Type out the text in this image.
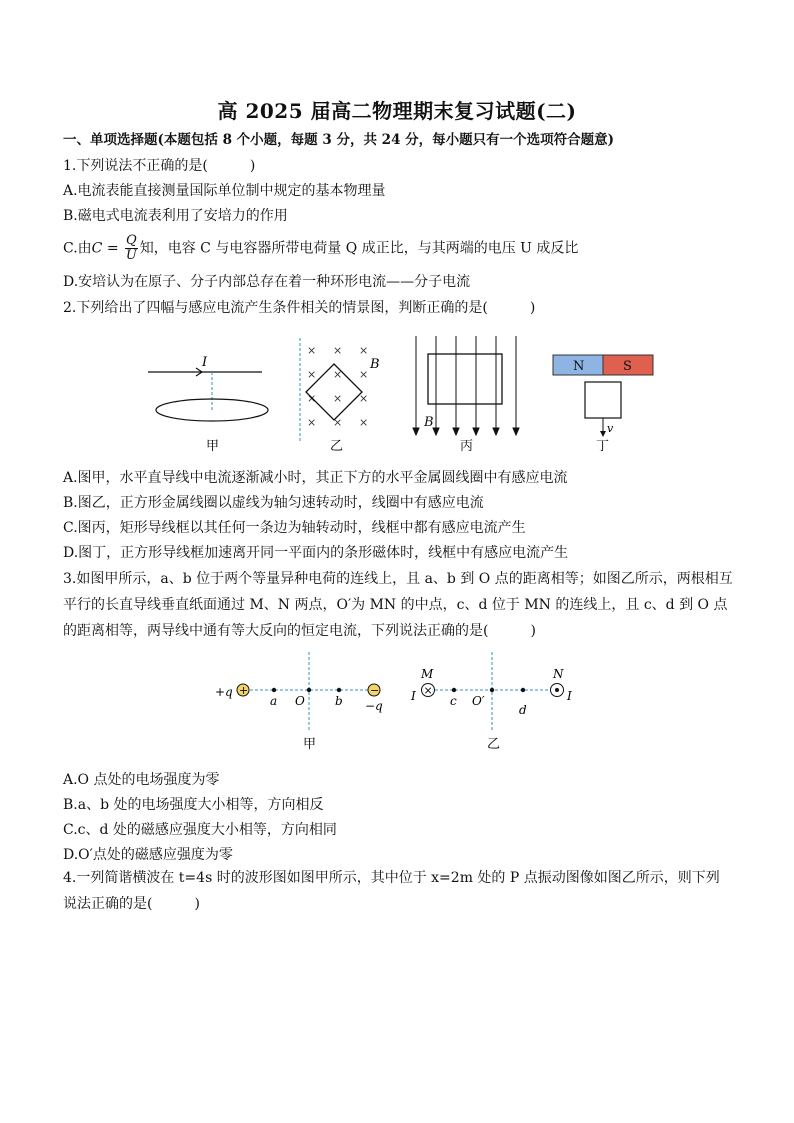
高 2025 届高二物理期末复习试题(二)
一、单项选择题(本题包括 8 个小题，每题 3 分，共 24 分，每小题只有一个选项符合题意)
1.下列说法不正确的是(　　　)
A.电流表能直接测量国际单位制中规定的基本物理量
B.磁电式电流表利用了安培力的作用
C.由$C = \frac{Q}{U}$ 知，电容 C 与电容器所带电荷量 Q 成正比，与其两端的电压 U 成反比
D.安培认为在原子、分子内部总存在着一种环形电流——分子电流
2.下列给出了四幅与感应电流产生条件相关的情景图，判断正确的是(　　　)
I
甲
× × ×
× × ×
× × ×
× × ×
B
乙
B
丙
N	S
v
丁
A.图甲，水平直导线中电流逐渐减小时，其正下方的水平金属圆线圈中有感应电流
B.图乙，正方形金属线圈以虚线为轴匀速转动时，线圈中有感应电流
C.图丙，矩形导线框以其任何一条边为轴转动时，线框中都有感应电流产生
D.图丁，正方形导线框加速离开同一平面内的条形磁体时，线框中有感应电流产生
3.如图甲所示，a、b 位于两个等量异种电荷的连线上，且 a、b 到 O 点的距离相等；如图乙所示，两根相互平行的长直导线垂直纸面通过 M、N 两点，O′为 MN 的中点，c、d 位于 MN 的连线上，且 c、d 到 O 点的距离相等，两导线中通有等大反向的恒定电流，下列说法正确的是(　　　)
+q +
a O	b
−
−q
甲
M
I ×
c O′
d
N
I
乙
A.O 点处的电场强度为零
B.a、b 处的电场强度大小相等，方向相反
C.c、d 处的磁感应强度大小相等，方向相同
D.O′点处的磁感应强度为零
4.一列简谐横波在 t=4s 时的波形图如图甲所示，其中位于 x=2m 处的 P 点振动图像如图乙所示，则下列说法正确的是(　　　)
